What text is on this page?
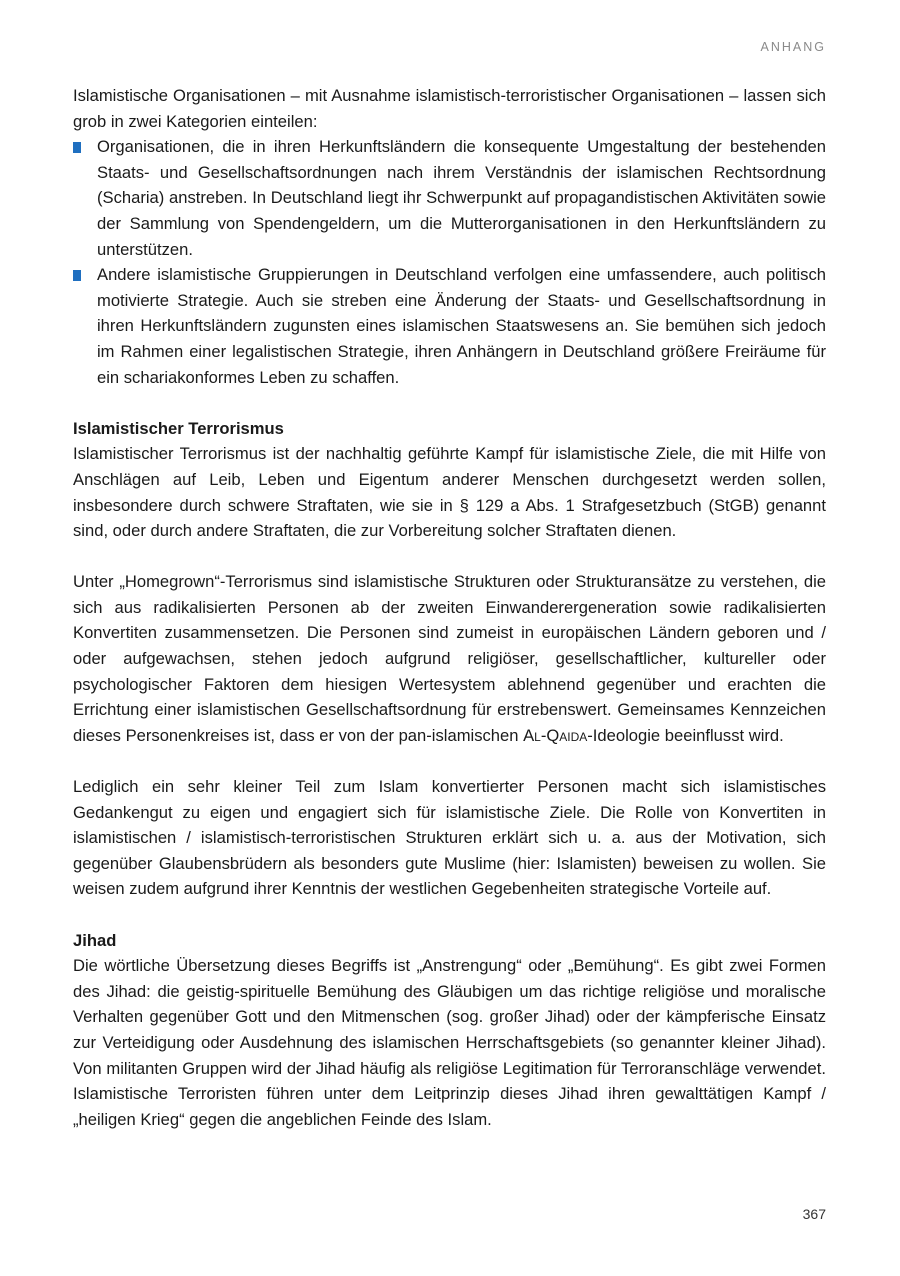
ANHANG

Islamistische Organisationen – mit Ausnahme islamistisch-terroristischer Organisationen – lassen sich grob in zwei Kategorien einteilen:

Organisationen, die in ihren Herkunftsländern die konsequente Umgestaltung der bestehenden Staats- und Gesellschaftsordnungen nach ihrem Verständnis der islamischen Rechtsordnung (Scharia) anstreben. In Deutschland liegt ihr Schwerpunkt auf propagandistischen Aktivitäten sowie der Sammlung von Spendengeldern, um die Mutterorganisationen in den Herkunftsländern zu unterstützen.
Andere islamistische Gruppierungen in Deutschland verfolgen eine umfassendere, auch politisch motivierte Strategie. Auch sie streben eine Änderung der Staats- und Gesellschaftsordnung in ihren Herkunftsländern zugunsten eines islamischen Staatswesens an. Sie bemühen sich jedoch im Rahmen einer legalistischen Strategie, ihren Anhängern in Deutschland größere Freiräume für ein schariakonformes Leben zu schaffen.

Islamistischer Terrorismus

Islamistischer Terrorismus ist der nachhaltig geführte Kampf für islamistische Ziele, die mit Hilfe von Anschlägen auf Leib, Leben und Eigentum anderer Menschen durchgesetzt werden sollen, insbesondere durch schwere Straftaten, wie sie in § 129 a Abs. 1 Strafgesetzbuch (StGB) genannt sind, oder durch andere Straftaten, die zur Vorbereitung solcher Straftaten dienen.

Unter „Homegrown“-Terrorismus sind islamistische Strukturen oder Strukturansätze zu verstehen, die sich aus radikalisierten Personen ab der zweiten Einwanderergeneration sowie radikalisierten Konvertiten zusammensetzen. Die Personen sind zumeist in europäischen Ländern geboren und / oder aufgewachsen, stehen jedoch aufgrund religiöser, gesellschaftlicher, kultureller oder psychologischer Faktoren dem hiesigen Wertesystem ablehnend gegenüber und erachten die Errichtung einer islamistischen Gesellschaftsordnung für erstrebenswert. Gemeinsames Kennzeichen dieses Personenkreises ist, dass er von der pan-islamischen Al-Qaida-Ideologie beeinflusst wird.

Lediglich ein sehr kleiner Teil zum Islam konvertierter Personen macht sich islamistisches Gedankengut zu eigen und engagiert sich für islamistische Ziele. Die Rolle von Konvertiten in islamistischen / islamistisch-terroristischen Strukturen erklärt sich u. a. aus der Motivation, sich gegenüber Glaubensbrüdern als besonders gute Muslime (hier: Islamisten) beweisen zu wollen. Sie weisen zudem aufgrund ihrer Kenntnis der westlichen Gegebenheiten strategische Vorteile auf.

Jihad

Die wörtliche Übersetzung dieses Begriffs ist „Anstrengung“ oder „Bemühung“. Es gibt zwei Formen des Jihad: die geistig-spirituelle Bemühung des Gläubigen um das richtige religiöse und moralische Verhalten gegenüber Gott und den Mitmenschen (sog. großer Jihad) oder der kämpferische Einsatz zur Verteidigung oder Ausdehnung des islamischen Herrschaftsgebiets (so genannter kleiner Jihad). Von militanten Gruppen wird der Jihad häufig als religiöse Legitimation für Terroranschläge verwendet. Islamistische Terroristen führen unter dem Leitprinzip dieses Jihad ihren gewalttätigen Kampf / „heiligen Krieg“ gegen die angeblichen Feinde des Islam.

367
